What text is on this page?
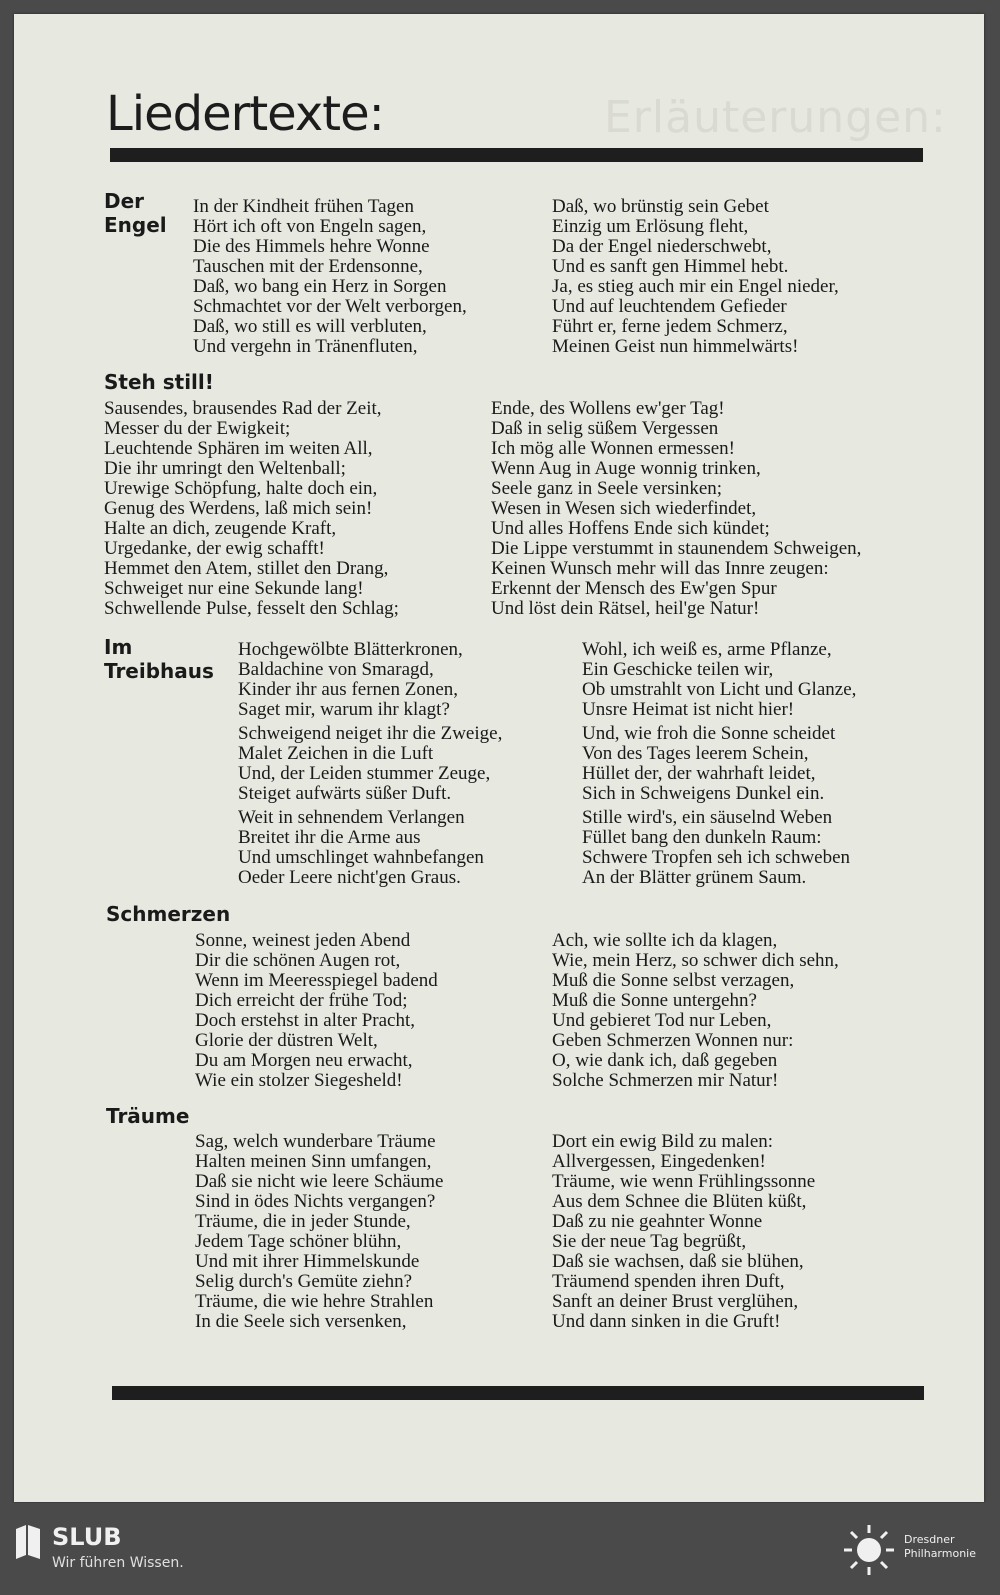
Erläuterungen:
Liedertexte:
Der
Engel
In der Kindheit frühen Tagen
Hört ich oft von Engeln sagen,
Die des Himmels hehre Wonne
Tauschen mit der Erdensonne,
Daß, wo bang ein Herz in Sorgen
Schmachtet vor der Welt verborgen,
Daß, wo still es will verbluten,
Und vergehn in Tränenfluten,
Daß, wo brünstig sein Gebet
Einzig um Erlösung fleht,
Da der Engel niederschwebt,
Und es sanft gen Himmel hebt.
Ja, es stieg auch mir ein Engel nieder,
Und auf leuchtendem Gefieder
Führt er, ferne jedem Schmerz,
Meinen Geist nun himmelwärts!
Steh still!
Sausendes, brausendes Rad der Zeit,
Messer du der Ewigkeit;
Leuchtende Sphären im weiten All,
Die ihr umringt den Weltenball;
Urewige Schöpfung, halte doch ein,
Genug des Werdens, laß mich sein!
Halte an dich, zeugende Kraft,
Urgedanke, der ewig schafft!
Hemmet den Atem, stillet den Drang,
Schweiget nur eine Sekunde lang!
Schwellende Pulse, fesselt den Schlag;
Ende, des Wollens ew'ger Tag!
Daß in selig süßem Vergessen
Ich mög alle Wonnen ermessen!
Wenn Aug in Auge wonnig trinken,
Seele ganz in Seele versinken;
Wesen in Wesen sich wiederfindet,
Und alles Hoffens Ende sich kündet;
Die Lippe verstummt in staunendem Schweigen,
Keinen Wunsch mehr will das Innre zeugen:
Erkennt der Mensch des Ew'gen Spur
Und löst dein Rätsel, heil'ge Natur!
Im
Treibhaus
Hochgewölbte Blätterkronen,
Baldachine von Smaragd,
Kinder ihr aus fernen Zonen,
Saget mir, warum ihr klagt?
Schweigend neiget ihr die Zweige,
Malet Zeichen in die Luft
Und, der Leiden stummer Zeuge,
Steiget aufwärts süßer Duft.
Weit in sehnendem Verlangen
Breitet ihr die Arme aus
Und umschlinget wahnbefangen
Oeder Leere nicht'gen Graus.
Wohl, ich weiß es, arme Pflanze,
Ein Geschicke teilen wir,
Ob umstrahlt von Licht und Glanze,
Unsre Heimat ist nicht hier!
Und, wie froh die Sonne scheidet
Von des Tages leerem Schein,
Hüllet der, der wahrhaft leidet,
Sich in Schweigens Dunkel ein.
Stille wird's, ein säuselnd Weben
Füllet bang den dunkeln Raum:
Schwere Tropfen seh ich schweben
An der Blätter grünem Saum.
Schmerzen
Sonne, weinest jeden Abend
Dir die schönen Augen rot,
Wenn im Meeresspiegel badend
Dich erreicht der frühe Tod;
Doch erstehst in alter Pracht,
Glorie der düstren Welt,
Du am Morgen neu erwacht,
Wie ein stolzer Siegesheld!
Ach, wie sollte ich da klagen,
Wie, mein Herz, so schwer dich sehn,
Muß die Sonne selbst verzagen,
Muß die Sonne untergehn?
Und gebieret Tod nur Leben,
Geben Schmerzen Wonnen nur:
O, wie dank ich, daß gegeben
Solche Schmerzen mir Natur!
Träume
Sag, welch wunderbare Träume
Halten meinen Sinn umfangen,
Daß sie nicht wie leere Schäume
Sind in ödes Nichts vergangen?
Träume, die in jeder Stunde,
Jedem Tage schöner blühn,
Und mit ihrer Himmelskunde
Selig durch's Gemüte ziehn?
Träume, die wie hehre Strahlen
In die Seele sich versenken,
Dort ein ewig Bild zu malen:
Allvergessen, Eingedenken!
Träume, wie wenn Frühlingssonne
Aus dem Schnee die Blüten küßt,
Daß zu nie geahnter Wonne
Sie der neue Tag begrüßt,
Daß sie wachsen, daß sie blühen,
Träumend spenden ihren Duft,
Sanft an deiner Brust verglühen,
Und dann sinken in die Gruft!
SLUB
Wir führen Wissen.
Dresdner
Philharmonie
